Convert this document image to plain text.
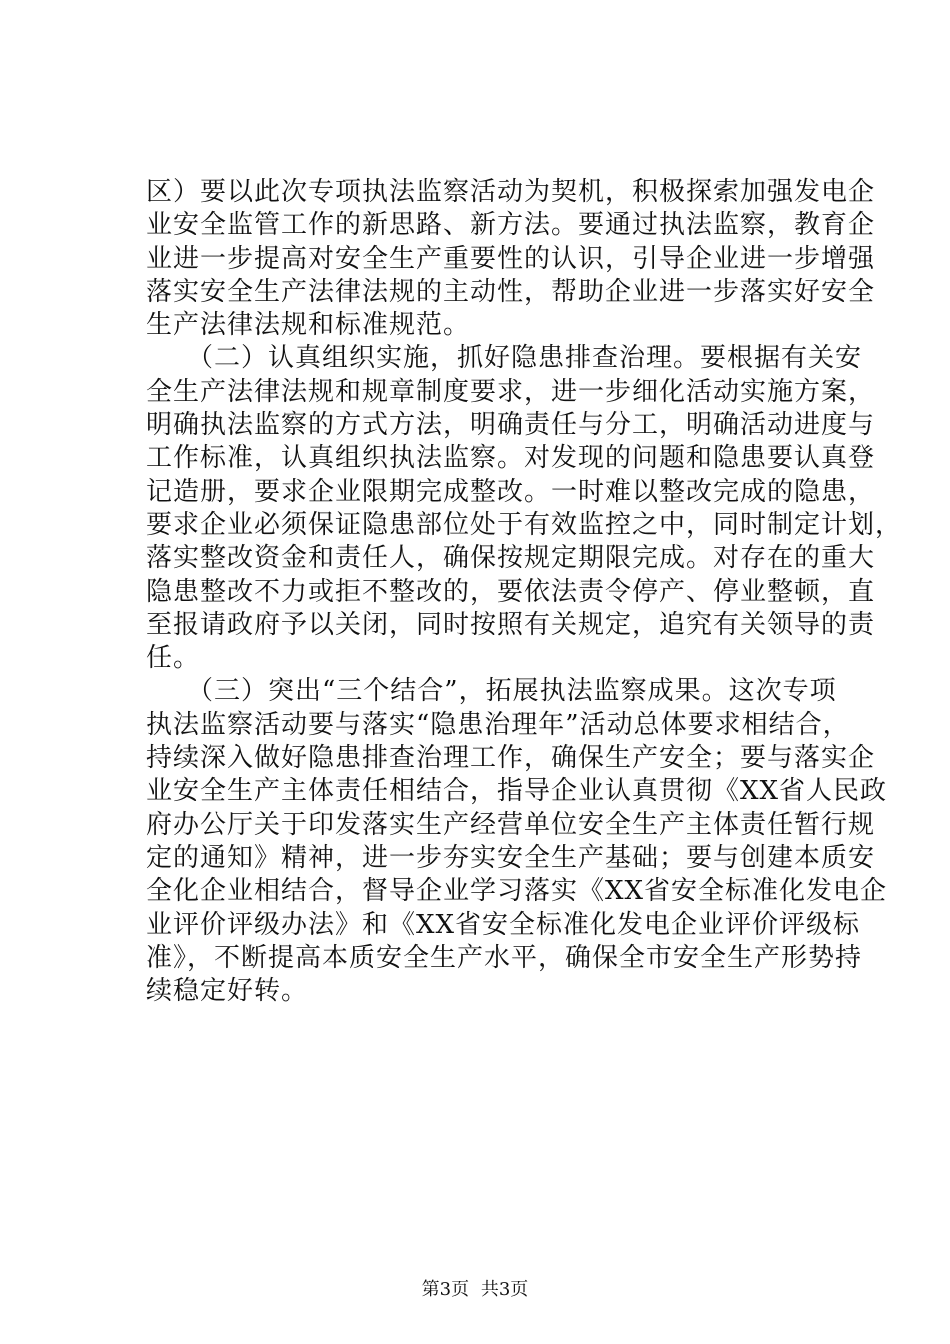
区）要以此次专项执法监察活动为契机，积极探索加强发电企
业安全监管工作的新思路、新方法。要通过执法监察，教育企
业进一步提高对安全生产重要性的认识，引导企业进一步增强
落实安全生产法律法规的主动性，帮助企业进一步落实好安全
生产法律法规和标准规范。
　　（二）认真组织实施，抓好隐患排查治理。要根据有关安
全生产法律法规和规章制度要求，进一步细化活动实施方案，
明确执法监察的方式方法，明确责任与分工，明确活动进度与
工作标准，认真组织执法监察。对发现的问题和隐患要认真登
记造册，要求企业限期完成整改。一时难以整改完成的隐患，
要求企业必须保证隐患部位处于有效监控之中，同时制定计划，
落实整改资金和责任人，确保按规定期限完成。对存在的重大
隐患整改不力或拒不整改的，要依法责令停产、停业整顿，直
至报请政府予以关闭，同时按照有关规定，追究有关领导的责
任。
　　（三）突出“三个结合”，拓展执法监察成果。这次专项
执法监察活动要与落实“隐患治理年”活动总体要求相结合，
持续深入做好隐患排查治理工作，确保生产安全；要与落实企
业安全生产主体责任相结合，指导企业认真贯彻《XX省人民政
府办公厅关于印发落实生产经营单位安全生产主体责任暂行规
定的通知》精神，进一步夯实安全生产基础；要与创建本质安
全化企业相结合，督导企业学习落实《XX省安全标准化发电企
业评价评级办法》和《XX省安全标准化发电企业评价评级标
准》，不断提高本质安全生产水平，确保全市安全生产形势持
续稳定好转。
第3页 共3页
